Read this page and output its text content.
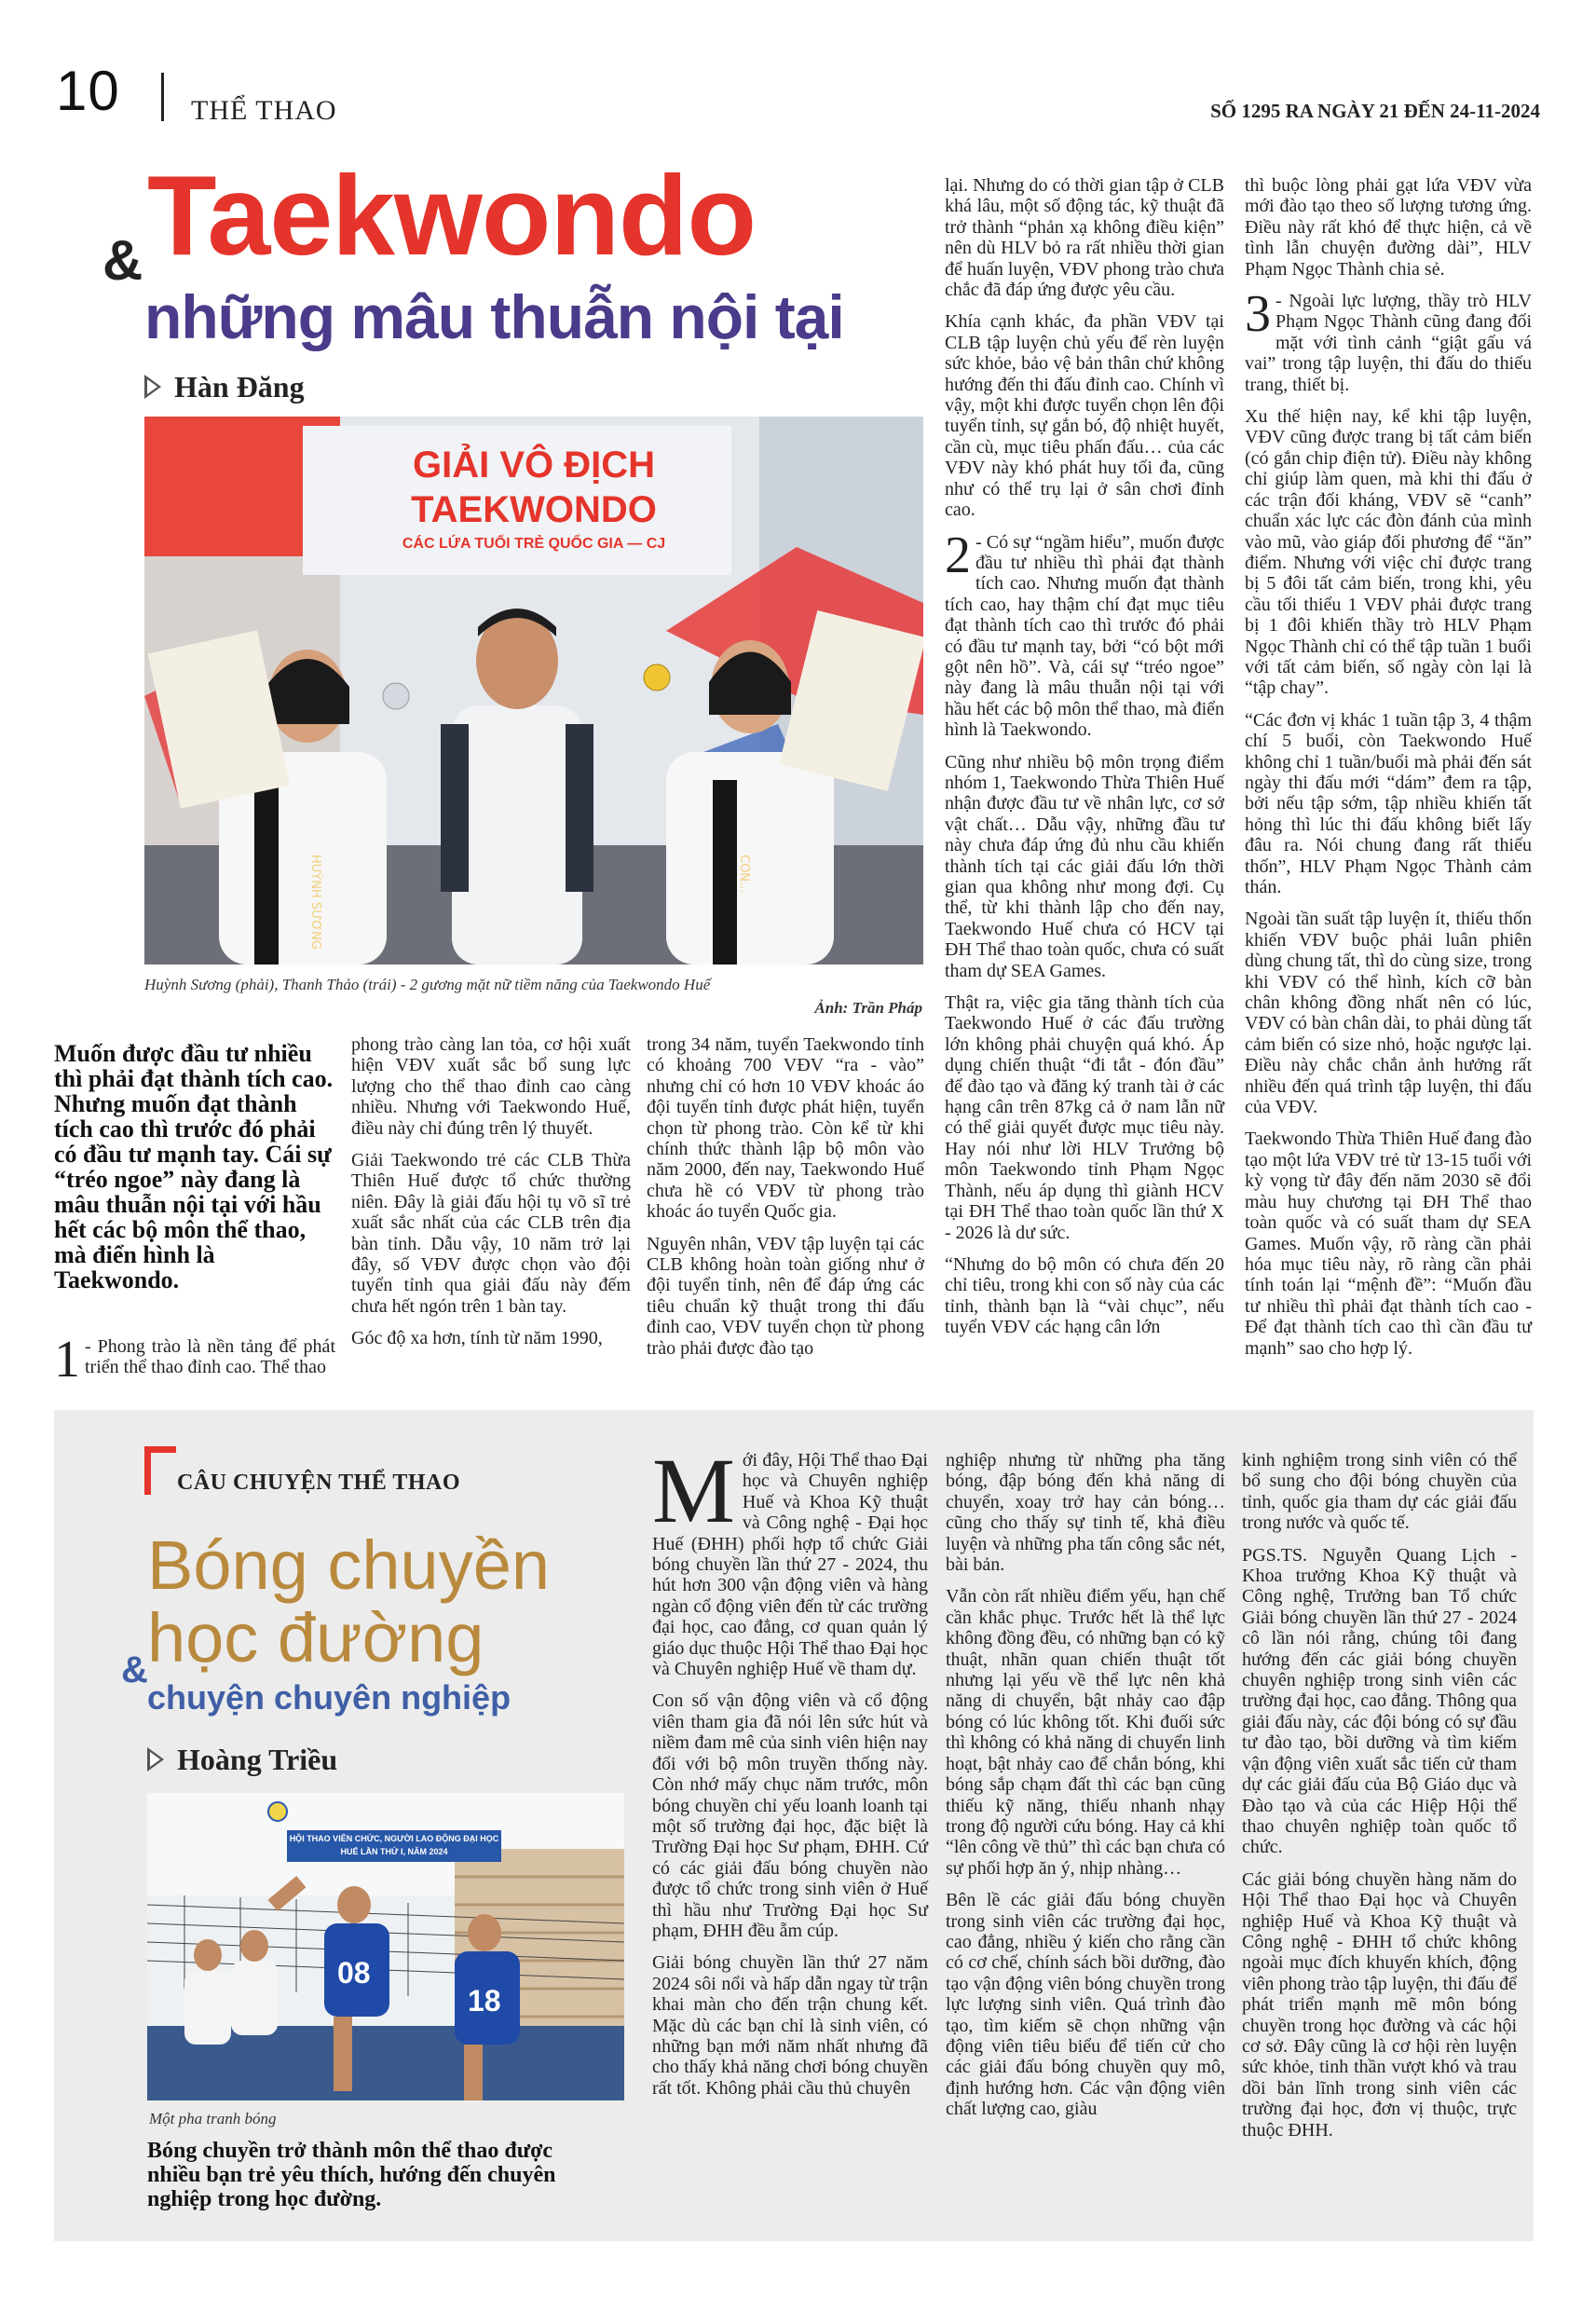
10	THỂ THAO	SỐ 1295 RA NGÀY 21 ĐẾN 24-11-2024
Taekwondo
&
những mâu thuẫn nội tại
Hàn Đăng
HUỲNH SƯƠNG	CON...
GIẢI VÔ ĐỊCH
TAEKWONDO
CÁC LỨA TUỔI TRẺ QUỐC GIA — CJ
Huỳnh Sương (phải), Thanh Thảo (trái) - 2 gương mặt nữ tiềm năng của Taekwondo Huế
Ảnh: Trần Pháp
Muốn được đầu tư nhiều thì phải đạt thành tích cao. Nhưng muốn đạt thành tích cao thì trước đó phải có đầu tư mạnh tay. Cái sự “tréo ngoe” này đang là mâu thuẫn nội tại với hầu hết các bộ môn thể thao, mà điển hình là Taekwondo.

1 - Phong trào là nền tảng để phát triển thể thao đỉnh cao. Thể thao

phong trào càng lan tỏa, cơ hội xuất hiện VĐV xuất sắc bổ sung lực lượng cho thể thao đỉnh cao càng nhiều. Nhưng với Taekwondo Huế, điều này chỉ đúng trên lý thuyết.

Giải Taekwondo trẻ các CLB Thừa Thiên Huế được tổ chức thường niên. Đây là giải đấu hội tụ võ sĩ trẻ xuất sắc nhất của các CLB trên địa bàn tỉnh. Dẫu vậy, 10 năm trở lại đây, số VĐV được chọn vào đội tuyển tỉnh qua giải đấu này đếm chưa hết ngón trên 1 bàn tay.

Góc độ xa hơn, tính từ năm 1990,

trong 34 năm, tuyển Taekwondo tỉnh có khoảng 700 VĐV “ra - vào” nhưng chỉ có hơn 10 VĐV khoác áo đội tuyển tỉnh được phát hiện, tuyển chọn từ phong trào. Còn kể từ khi chính thức thành lập bộ môn vào năm 2000, đến nay, Taekwondo Huế chưa hề có VĐV từ phong trào khoác áo tuyển Quốc gia.

Nguyên nhân, VĐV tập luyện tại các CLB không hoàn toàn giống như ở đội tuyển tỉnh, nên để đáp ứng các tiêu chuẩn kỹ thuật trong thi đấu đỉnh cao, VĐV tuyển chọn từ phong trào phải được đào tạo

lại. Nhưng do có thời gian tập ở CLB khá lâu, một số động tác, kỹ thuật đã trở thành “phản xạ không điều kiện” nên dù HLV bỏ ra rất nhiều thời gian để huấn luyện, VĐV phong trào chưa chắc đã đáp ứng được yêu cầu.

Khía cạnh khác, đa phần VĐV tại CLB tập luyện chủ yếu để rèn luyện sức khỏe, bảo vệ bản thân chứ không hướng đến thi đấu đỉnh cao. Chính vì vậy, một khi được tuyển chọn lên đội tuyển tỉnh, sự gắn bó, độ nhiệt huyết, cần cù, mục tiêu phấn đấu… của các VĐV này khó phát huy tối đa, cũng như có thể trụ lại ở sân chơi đỉnh cao.

2 - Có sự “ngầm hiểu”, muốn được đầu tư nhiều thì phải đạt thành tích cao. Nhưng muốn đạt thành tích cao, hay thậm chí đạt mục tiêu đạt thành tích cao thì trước đó phải có đầu tư mạnh tay, bởi “có bột mới gột nên hồ”. Và, cái sự “tréo ngoe” này đang là mâu thuẫn nội tại với hầu hết các bộ môn thể thao, mà điển hình là Taekwondo.

Cũng như nhiều bộ môn trọng điểm nhóm 1, Taekwondo Thừa Thiên Huế nhận được đầu tư về nhân lực, cơ sở vật chất… Dẫu vậy, những đầu tư này chưa đáp ứng đủ nhu cầu khiến thành tích tại các giải đấu lớn thời gian qua không như mong đợi. Cụ thể, từ khi thành lập cho đến nay, Taekwondo Huế chưa có HCV tại ĐH Thể thao toàn quốc, chưa có suất tham dự SEA Games.

Thật ra, việc gia tăng thành tích của Taekwondo Huế ở các đấu trường lớn không phải chuyện quá khó. Áp dụng chiến thuật “đi tắt - đón đầu” để đào tạo và đăng ký tranh tài ở các hạng cân trên 87kg cả ở nam lẫn nữ có thể giải quyết được mục tiêu này. Hay nói như lời HLV Trưởng bộ môn Taekwondo tỉnh Phạm Ngọc Thành, nếu áp dụng thì giành HCV tại ĐH Thể thao toàn quốc lần thứ X - 2026 là dư sức.

“Nhưng do bộ môn có chưa đến 20 chỉ tiêu, trong khi con số này của các tỉnh, thành bạn là “vài chục”, nếu tuyển VĐV các hạng cân lớn

thì buộc lòng phải gạt lứa VĐV vừa mới đào tạo theo số lượng tương ứng. Điều này rất khó để thực hiện, cả về tình lẫn chuyện đường dài”, HLV Phạm Ngọc Thành chia sẻ.

3 - Ngoài lực lượng, thầy trò HLV Phạm Ngọc Thành cũng đang đối mặt với tình cảnh “giật gấu vá vai” trong tập luyện, thi đấu do thiếu trang, thiết bị.

Xu thế hiện nay, kể khi tập luyện, VĐV cũng được trang bị tất cảm biến (có gắn chip điện tử). Điều này không chỉ giúp làm quen, mà khi thi đấu ở các trận đối kháng, VĐV sẽ “canh” chuẩn xác lực các đòn đánh của mình vào mũ, vào giáp đối phương để “ăn” điểm. Nhưng với việc chỉ được trang bị 5 đôi tất cảm biến, trong khi, yêu cầu tối thiểu 1 VĐV phải được trang bị 1 đôi khiến thầy trò HLV Phạm Ngọc Thành chỉ có thể tập tuần 1 buổi với tất cảm biến, số ngày còn lại là “tập chay”.

“Các đơn vị khác 1 tuần tập 3, 4 thậm chí 5 buổi, còn Taekwondo Huế không chỉ 1 tuần/buổi mà phải đến sát ngày thi đấu mới “dám” đem ra tập, bởi nếu tập sớm, tập nhiều khiến tất hỏng thì lúc thi đấu không biết lấy đâu ra. Nói chung đang rất thiếu thốn”, HLV Phạm Ngọc Thành cảm thán.

Ngoài tần suất tập luyện ít, thiếu thốn khiến VĐV buộc phải luân phiên dùng chung tất, thì do cùng size, trong khi VĐV có thể hình, kích cỡ bàn chân không đồng nhất nên có lúc, VĐV có bàn chân dài, to phải dùng tất cảm biến có size nhỏ, hoặc ngược lại. Điều này chắc chắn ảnh hưởng rất nhiều đến quá trình tập luyện, thi đấu của VĐV.

Taekwondo Thừa Thiên Huế đang đào tạo một lứa VĐV trẻ từ 13-15 tuổi với kỳ vọng từ đây đến năm 2030 sẽ đổi màu huy chương tại ĐH Thể thao toàn quốc và có suất tham dự SEA Games. Muốn vậy, rõ ràng cần phải hóa mục tiêu này, rõ ràng cần phải tính toán lại “mệnh đề”: “Muốn đầu tư nhiều thì phải đạt thành tích cao - Để đạt thành tích cao thì cần đầu tư mạnh” sao cho hợp lý.

CÂU CHUYỆN THỂ THAO
Bóng chuyền
học đường
&
chuyện chuyên nghiệp
Hoàng Triều
HỘI THAO VIÊN CHỨC, NGƯỜI LAO ĐỘNG ĐẠI HỌC HUẾ LẦN THỨ I, NĂM 2024
08
18
Một pha tranh bóng
Bóng chuyền trở thành môn thể thao được nhiều bạn trẻ yêu thích, hướng đến chuyên nghiệp trong học đường.

Mới đây, Hội Thể thao Đại học và Chuyên nghiệp Huế và Khoa Kỹ thuật và Công nghệ - Đại học Huế (ĐHH) phối hợp tổ chức Giải bóng chuyền lần thứ 27 - 2024, thu hút hơn 300 vận động viên và hàng ngàn cổ động viên đến từ các trường đại học, cao đẳng, cơ quan quản lý giáo dục thuộc Hội Thể thao Đại học và Chuyên nghiệp Huế về tham dự.

Con số vận động viên và cổ động viên tham gia đã nói lên sức hút và niềm đam mê của sinh viên hiện nay đối với bộ môn truyền thống này. Còn nhớ mấy chục năm trước, môn bóng chuyền chỉ yếu loanh loanh tại một số trường đại học, đặc biệt là Trường Đại học Sư phạm, ĐHH. Cứ có các giải đấu bóng chuyền nào được tổ chức trong sinh viên ở Huế thì hầu như Trường Đại học Sư phạm, ĐHH đều ẵm cúp.

Giải bóng chuyền lần thứ 27 năm 2024 sôi nổi và hấp dẫn ngay từ trận khai màn cho đến trận chung kết. Mặc dù các bạn chỉ là sinh viên, có những bạn mới năm nhất nhưng đã cho thấy khả năng chơi bóng chuyền rất tốt. Không phải cầu thủ chuyên

nghiệp nhưng từ những pha tăng bóng, đập bóng đến khả năng di chuyển, xoay trở hay cản bóng… cũng cho thấy sự tinh tế, khả điều luyện và những pha tấn công sắc nét, bài bản.

Vẫn còn rất nhiều điểm yếu, hạn chế cần khắc phục. Trước hết là thể lực không đồng đều, có những bạn có kỹ thuật, nhãn quan chiến thuật tốt nhưng lại yếu về thể lực nên khả năng di chuyển, bật nhảy cao đập bóng có lúc không tốt. Khi đuối sức thì không có khả năng di chuyển linh hoạt, bật nhảy cao để chắn bóng, khi bóng sắp chạm đất thì các bạn cũng thiếu kỹ năng, thiếu nhanh nhạy trong độ người cứu bóng. Hay cả khi “lên công về thủ” thì các bạn chưa có sự phối hợp ăn ý, nhịp nhàng…

Bên lề các giải đấu bóng chuyền trong sinh viên các trường đại học, cao đẳng, nhiều ý kiến cho rằng cần có cơ chế, chính sách bồi dưỡng, đào tạo vận động viên bóng chuyền trong lực lượng sinh viên. Quá trình đào tạo, tìm kiếm sẽ chọn những vận động viên tiêu biểu để tiến cử cho các giải đấu bóng chuyền quy mô, định hướng hơn. Các vận động viên chất lượng cao, giàu

kinh nghiệm trong sinh viên có thể bổ sung cho đội bóng chuyền của tỉnh, quốc gia tham dự các giải đấu trong nước và quốc tế.

PGS.TS. Nguyễn Quang Lịch - Khoa trưởng Khoa Kỹ thuật và Công nghệ, Trưởng ban Tổ chức Giải bóng chuyền lần thứ 27 - 2024 cô lần nói rằng, chúng tôi đang hướng đến các giải bóng chuyền chuyên nghiệp trong sinh viên các trường đại học, cao đẳng. Thông qua giải đấu này, các đội bóng có sự đầu tư đào tạo, bồi dưỡng và tìm kiếm vận động viên xuất sắc tiến cử tham dự các giải đấu của Bộ Giáo dục và Đào tạo và của các Hiệp Hội thể thao chuyên nghiệp toàn quốc tổ chức.

Các giải bóng chuyền hàng năm do Hội Thể thao Đại học và Chuyên nghiệp Huế và Khoa Kỹ thuật và Công nghệ - ĐHH tổ chức không ngoài mục đích khuyến khích, động viên phong trào tập luyện, thi đấu để phát triển mạnh mẽ môn bóng chuyền trong học đường và các hội cơ sở. Đây cũng là cơ hội rèn luyện sức khỏe, tinh thần vượt khó và trau dồi bản lĩnh trong sinh viên các trường đại học, đơn vị thuộc, trực thuộc ĐHH.
